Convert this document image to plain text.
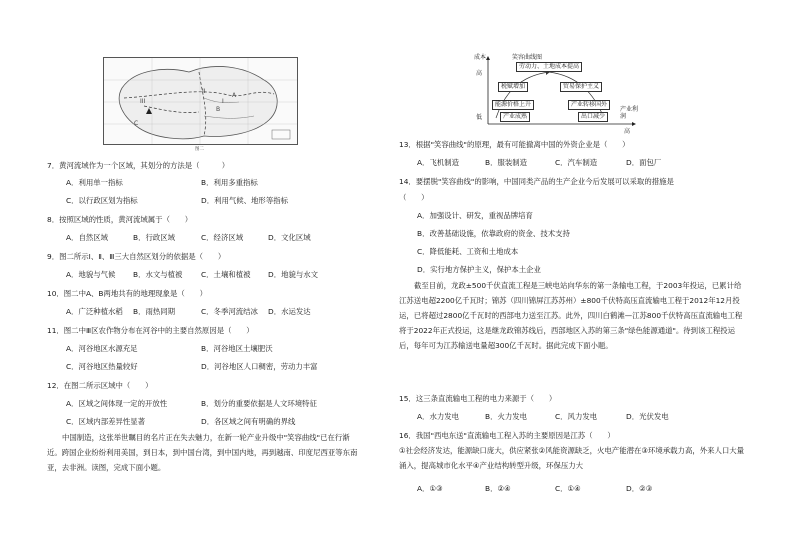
I
II
III
A
B
C
图二
7．黄河流域作为一个区域，其划分的方法是（　　　）
A．利用单一指标	B．利用多重指标
C．以行政区划为指标	D．利用气候、地形等指标
8．按照区域的性质，黄河流域属于（　　）
A．自然区域	B．行政区域	C．经济区域	D．文化区域
9．图二所示Ⅰ、Ⅱ、Ⅲ三大自然区划分的依据是（　　）
A．地貌与气候 B．水文与植被	C．土壤和植被 D．地貌与水文
10．图二中A、B两地共有的地理现象是（　　）
A．广泛种植水稻 B．雨热同期	C．冬季河流结冰 D．水运发达
11．图二中Ⅲ区农作物分布在河谷中的主要自然原因是（　　）
A．河谷地区水源充足	B．河谷地区土壤肥沃
C．河谷地区热量较好	D．河谷地区人口稠密，劳动力丰富
12．在图二所示区域中（　　）
A．区域之间体现一定的开放性	B．划分的重要依据是人文环境特征
C．区域内部差异性显著	D．各区域之间有明确的界线
中国制造，这张举世瞩目的名片正在失去魅力，在新一轮产业升级中"笑容曲线"已在行渐近。跨国企业纷纷利用美国，到日本，到中国台湾，到中国内地，再到越南、印度尼西亚等东南亚，去非洲。读图，完成下面小题。
笑容曲线图
成本
高
低
产业利润
高
劳动力、土地成本提高
税赋增加	贸易保护主义
能源价格上升	产业转移国外
产业成熟	出口减少
13．根据"笑容曲线"的原理，最有可能撤离中国的外资企业是（　　）
A．飞机制造	B．服装制造	C．汽车制造	D．面包厂
14．要摆脱"笑容曲线"的影响，中国同类产品的生产企业今后发展可以采取的措施是
（　　）
A．加强设计、研发，重视品牌培育
B．改善基础设施，依靠政府的资金、技术支持
C．降低能耗、工资和土地成本
D．实行地方保护主义，保护本土企业
截至目前，龙政±500千伏直流工程是三峡电站向华东的第一条输电工程，于2003年投运，已累计给江苏送电超2200亿千瓦时；锦苏（四川锦屏江苏苏州）±800千伏特高压直流输电工程于2012年12月投运，已将超过2800亿千瓦时的西部电力送至江苏。此外，四川白鹤滩—江苏800千伏特高压直流输电工程将于2022年正式投运，这是继龙政锦苏线后，西部地区入苏的第三条"绿色能源通道"。待到该工程投运后，每年可为江苏输送电量超300亿千瓦时。据此完成下面小题。
15．这三条直流输电工程的电力来源于（　　）
A．水力发电	B．火力发电	C．风力发电	D．光伏发电
16．我国"西电东送"直流输电工程入苏的主要原因是江苏（　　）
①社会经济发达，能源缺口庞大，供应紧张②风能资源缺乏，火电产能潜在③环境承载力高，外来人口大量涌入，提高城市化水平④产业结构转型升级，环保压力大
A．①③	B．②④	C．①④	D．②③
